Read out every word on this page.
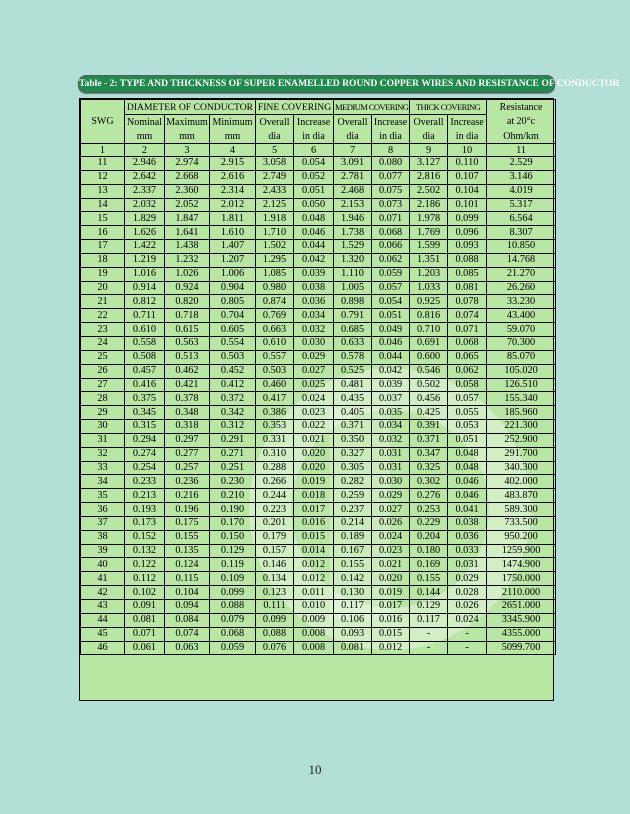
Table - 2: TYPE AND THICKNESS OF SUPER ENAMELLED ROUND COPPER WIRES AND RESISTANCE OF CONDUCTOR
	DIAMETER OF CONDUCTOR			FINE COVERING		MEDIUM COVERING		THICK COVERING		Resistance
SWG	Nominal	Maximum	Minimum	Overall	Increase	Overall	Increase	Overall	Increase	at 20°c
	mm	mm	mm	dia	in dia	dia	in dia	dia	in dia	Ohm/km
1	2	3	4	5	6	7	8	9	10	11
11	2.946	2.974	2.915	3.058	0.054	3.091	0.080	3.127	0.110	2.529
12	2.642	2.668	2.616	2.749	0.052	2.781	0.077	2.816	0.107	3.146
13	2.337	2.360	2.314	2.433	0.051	2.468	0.075	2.502	0.104	4.019
14	2.032	2.052	2.012	2.125	0.050	2.153	0.073	2.186	0.101	5.317
15	1.829	1.847	1.811	1.918	0.048	1.946	0.071	1.978	0.099	6.564
16	1.626	1.641	1.610	1.710	0.046	1.738	0.068	1.769	0.096	8.307
17	1.422	1.438	1.407	1.502	0.044	1.529	0.066	1.599	0.093	10.850
18	1.219	1.232	1.207	1.295	0.042	1.320	0.062	1.351	0.088	14.768
19	1.016	1.026	1.006	1.085	0.039	1.110	0.059	1.203	0.085	21.270
20	0.914	0.924	0.904	0.980	0.038	1.005	0.057	1.033	0.081	26.260
21	0.812	0.820	0.805	0.874	0.036	0.898	0.054	0.925	0.078	33.230
22	0.711	0.718	0.704	0.769	0.034	0.791	0.051	0.816	0.074	43.400
23	0.610	0.615	0.605	0.663	0.032	0.685	0.049	0.710	0.071	59.070
24	0.558	0.563	0.554	0.610	0.030	0.633	0.046	0.691	0.068	70.300
25	0.508	0.513	0.503	0.557	0.029	0.578	0.044	0.600	0.065	85.070
26	0.457	0.462	0.452	0.503	0.027	0.525	0.042	0.546	0.062	105.020
27	0.416	0.421	0.412	0.460	0.025	0.481	0.039	0.502	0.058	126.510
28	0.375	0.378	0.372	0.417	0.024	0.435	0.037	0.456	0.057	155.340
29	0.345	0.348	0.342	0.386	0.023	0.405	0.035	0.425	0.055	185.960
30	0.315	0.318	0.312	0.353	0.022	0.371	0.034	0.391	0.053	221.300
31	0.294	0.297	0.291	0.331	0.021	0.350	0.032	0.371	0.051	252.900
32	0.274	0.277	0.271	0.310	0.020	0.327	0.031	0.347	0.048	291.700
33	0.254	0.257	0.251	0.288	0.020	0.305	0.031	0.325	0.048	340.300
34	0.233	0.236	0.230	0.266	0.019	0.282	0.030	0.302	0.046	402.000
35	0.213	0.216	0.210	0.244	0.018	0.259	0.029	0.276	0.046	483.870
36	0.193	0.196	0.190	0.223	0.017	0.237	0.027	0.253	0.041	589.300
37	0.173	0.175	0.170	0.201	0.016	0.214	0.026	0.229	0.038	733.500
38	0.152	0.155	0.150	0.179	0.015	0.189	0.024	0.204	0.036	950.200
39	0.132	0.135	0.129	0.157	0.014	0.167	0.023	0.180	0.033	1259.900
40	0.122	0.124	0.119	0.146	0.012	0.155	0.021	0.169	0.031	1474.900
41	0.112	0.115	0.109	0.134	0.012	0.142	0.020	0.155	0.029	1750.000
42	0.102	0.104	0.099	0.123	0.011	0.130	0.019	0.144	0.028	2110.000
43	0.091	0.094	0.088	0.111	0.010	0.117	0.017	0.129	0.026	2651.000
44	0.081	0.084	0.079	0.099	0.009	0.106	0.016	0.117	0.024	3345.900
45	0.071	0.074	0.068	0.088	0.008	0.093	0.015	-	-	4355.000
46	0.061	0.063	0.059	0.076	0.008	0.081	0.012	-	-	5099.700
10
